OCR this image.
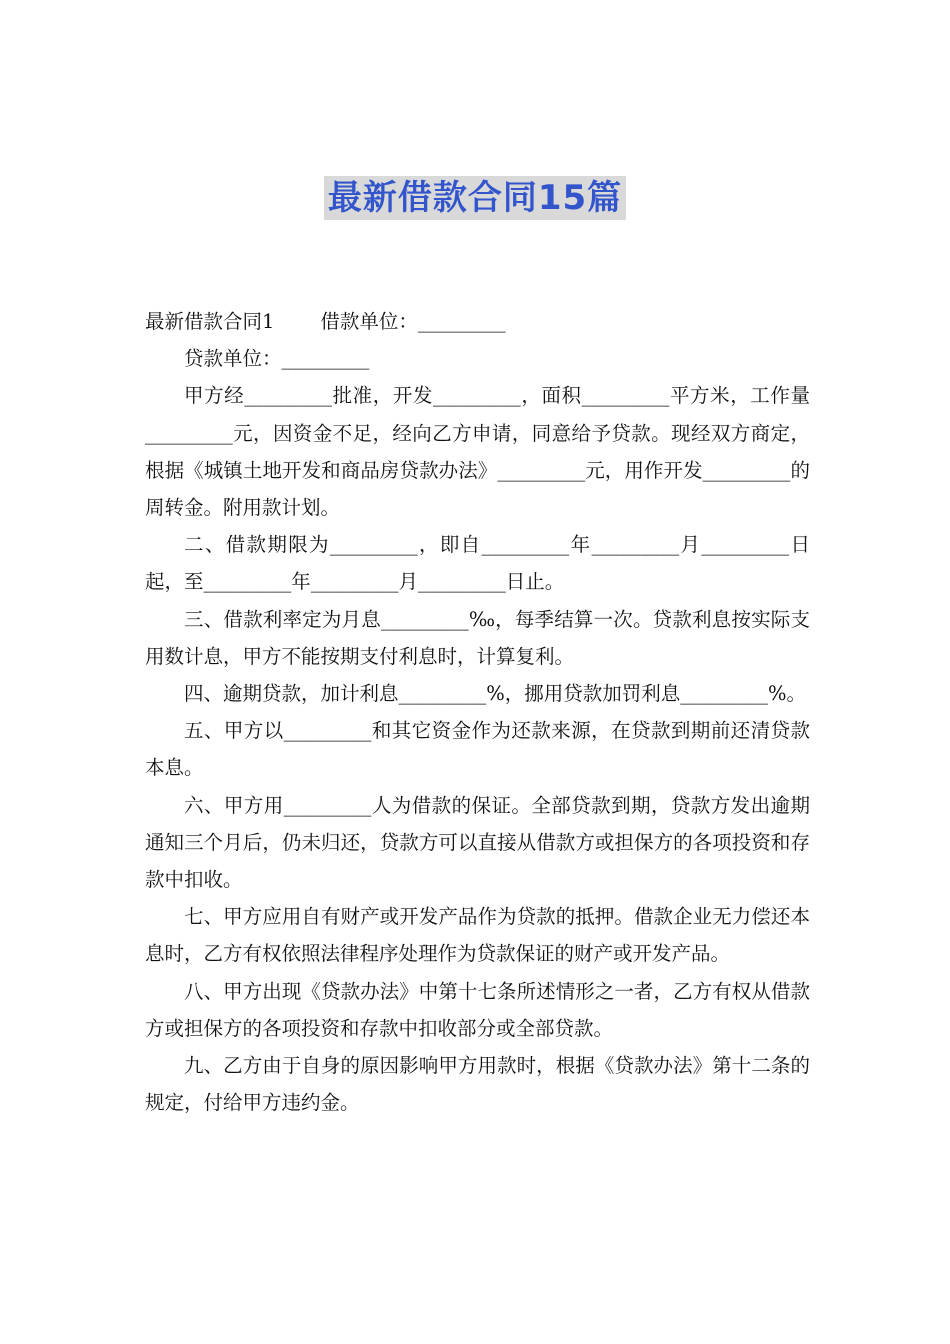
最新借款合同15篇

最新借款合同1 借款单位：_________

贷款单位：_________

甲方经_________批准，开发_________，面积_________平方米，工作量_________元，因资金不足，经向乙方申请，同意给予贷款。现经双方商定，根据《城镇土地开发和商品房贷款办法》_________元，用作开发_________的周转金。附用款计划。

二、借款期限为_________，即自_________年_________月_________日起，至_________年_________月_________日止。

三、借款利率定为月息_________‰，每季结算一次。贷款利息按实际支用数计息，甲方不能按期支付利息时，计算复利。

四、逾期贷款，加计利息_________%，挪用贷款加罚利息_________%。

五、甲方以_________和其它资金作为还款来源，在贷款到期前还清贷款本息。

六、甲方用_________人为借款的保证。全部贷款到期，贷款方发出逾期通知三个月后，仍未归还，贷款方可以直接从借款方或担保方的各项投资和存款中扣收。

七、甲方应用自有财产或开发产品作为贷款的抵押。借款企业无力偿还本息时，乙方有权依照法律程序处理作为贷款保证的财产或开发产品。

八、甲方出现《贷款办法》中第十七条所述情形之一者，乙方有权从借款方或担保方的各项投资和存款中扣收部分或全部贷款。

九、乙方由于自身的原因影响甲方用款时，根据《贷款办法》第十二条的规定，付给甲方违约金。
